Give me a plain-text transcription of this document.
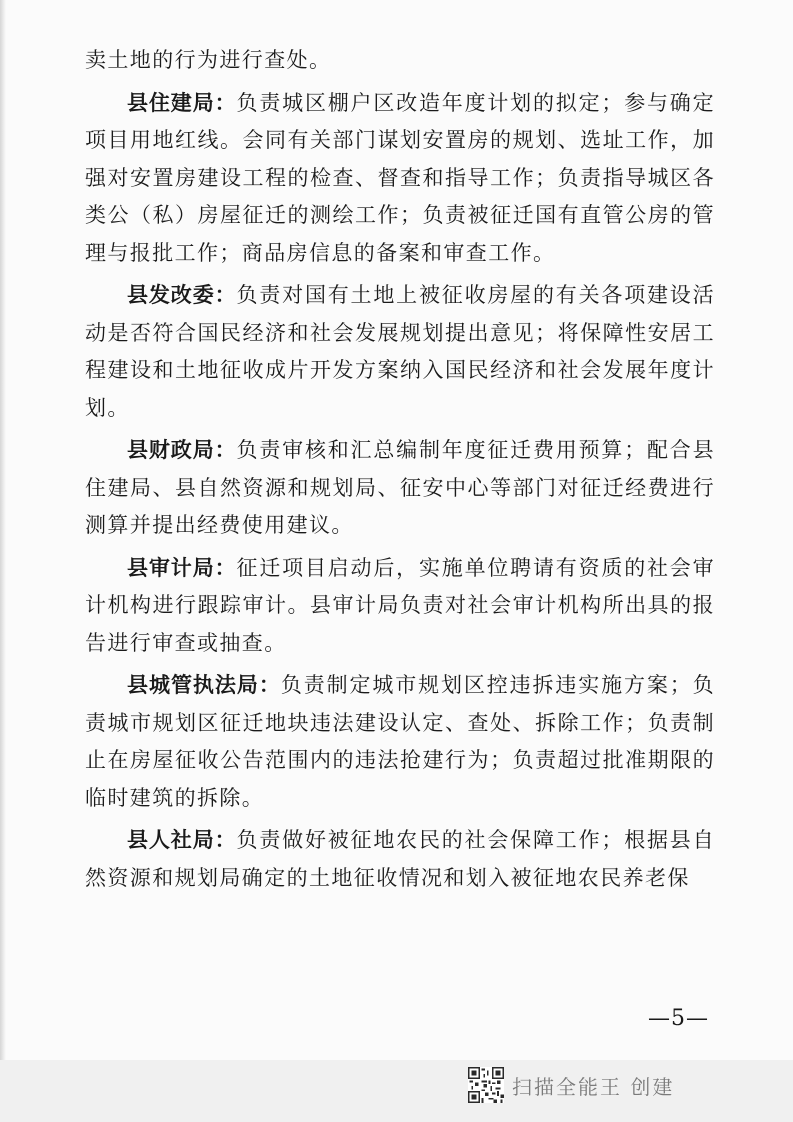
卖土地的行为进行查处。

县住建局：负责城区棚户区改造年度计划的拟定；参与确定项目用地红线。会同有关部门谋划安置房的规划、选址工作，加强对安置房建设工程的检查、督查和指导工作；负责指导城区各类公（私）房屋征迁的测绘工作；负责被征迁国有直管公房的管理与报批工作；商品房信息的备案和审查工作。

县发改委：负责对国有土地上被征收房屋的有关各项建设活动是否符合国民经济和社会发展规划提出意见；将保障性安居工程建设和土地征收成片开发方案纳入国民经济和社会发展年度计划。

县财政局：负责审核和汇总编制年度征迁费用预算；配合县住建局、县自然资源和规划局、征安中心等部门对征迁经费进行测算并提出经费使用建议。

县审计局：征迁项目启动后，实施单位聘请有资质的社会审计机构进行跟踪审计。县审计局负责对社会审计机构所出具的报告进行审查或抽查。

县城管执法局：负责制定城市规划区控违拆违实施方案；负责城市规划区征迁地块违法建设认定、查处、拆除工作；负责制止在房屋征收公告范围内的违法抢建行为；负责超过批准期限的临时建筑的拆除。

县人社局：负责做好被征地农民的社会保障工作；根据县自然资源和规划局确定的土地征收情况和划入被征地农民养老保

—5—
扫描全能王 创建
